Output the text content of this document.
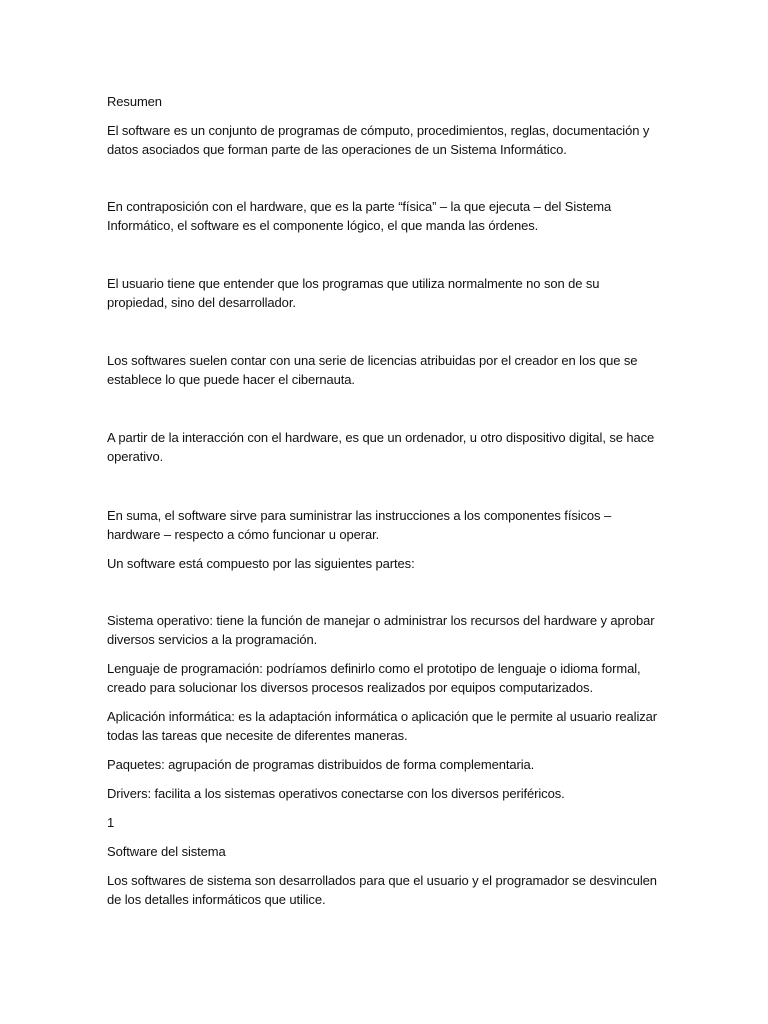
Resumen

El software es un conjunto de programas de cómputo, procedimientos, reglas, documentación y datos asociados que forman parte de las operaciones de un Sistema Informático.

En contraposición con el hardware, que es la parte “física” – la que ejecuta – del Sistema Informático, el software es el componente lógico, el que manda las órdenes.

El usuario tiene que entender que los programas que utiliza normalmente no son de su propiedad, sino del desarrollador.

Los softwares suelen contar con una serie de licencias atribuidas por el creador en los que se establece lo que puede hacer el cibernauta.

A partir de la interacción con el hardware, es que un ordenador, u otro dispositivo digital, se hace operativo.

En suma, el software sirve para suministrar las instrucciones a los componentes físicos – hardware – respecto a cómo funcionar u operar.

Un software está compuesto por las siguientes partes:

Sistema operativo: tiene la función de manejar o administrar los recursos del hardware y aprobar diversos servicios a la programación.

Lenguaje de programación: podríamos definirlo como el prototipo de lenguaje o idioma formal, creado para solucionar los diversos procesos realizados por equipos computarizados.

Aplicación informática: es la adaptación informática o aplicación que le permite al usuario realizar todas las tareas que necesite de diferentes maneras.

Paquetes: agrupación de programas distribuidos de forma complementaria.

Drivers: facilita a los sistemas operativos conectarse con los diversos periféricos.

1

Software del sistema

Los softwares de sistema son desarrollados para que el usuario y el programador se desvinculen de los detalles informáticos que utilice.
